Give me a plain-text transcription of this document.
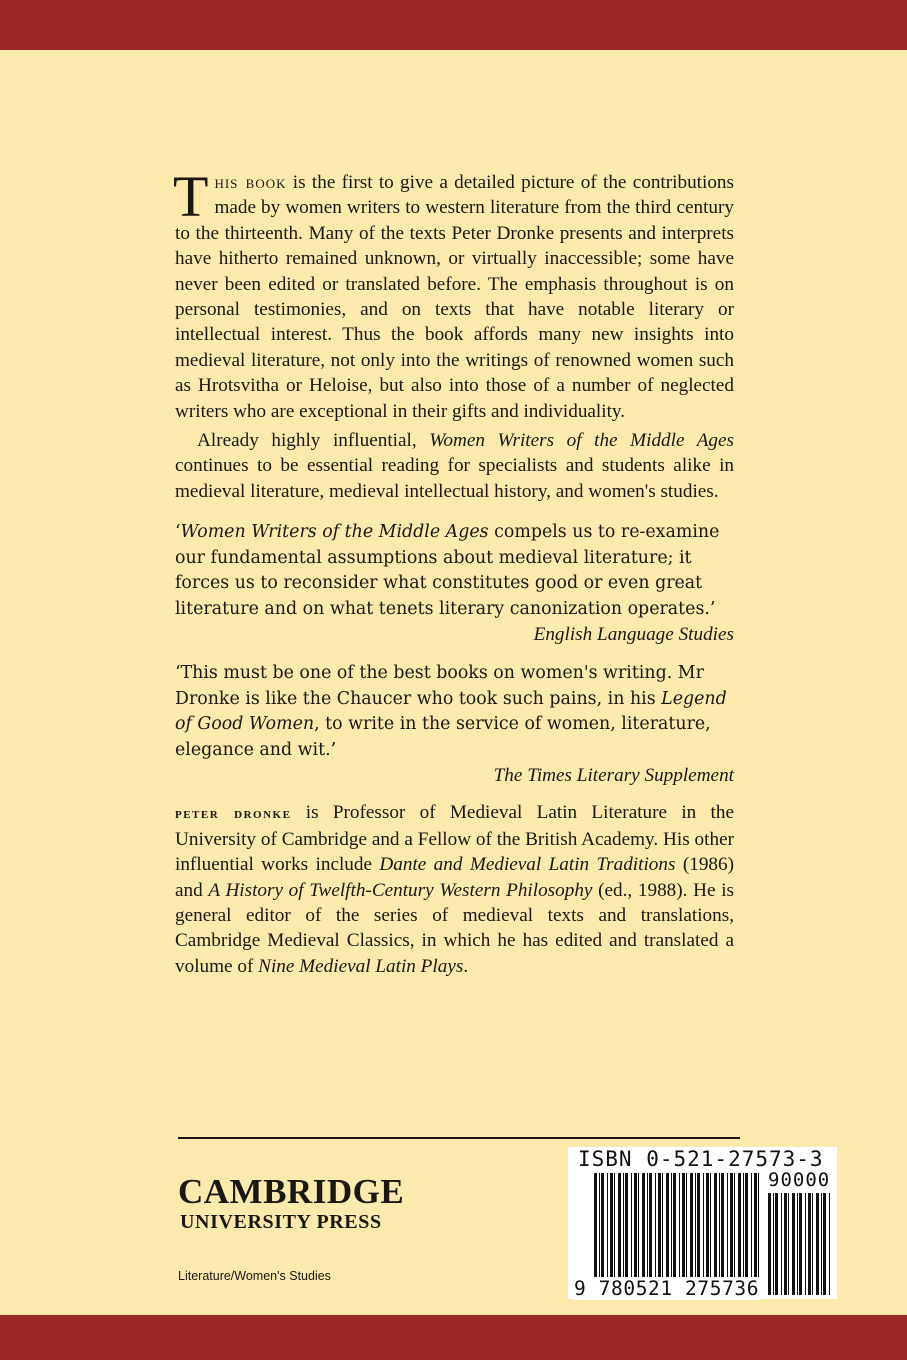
This book is the first to give a detailed picture of the contributions made by women writers to western literature from the third century to the thirteenth. Many of the texts Peter Dronke presents and interprets have hitherto remained unknown, or virtually inaccessible; some have never been edited or translated before. The emphasis throughout is on personal testimonies, and on texts that have notable literary or intellectual interest. Thus the book affords many new insights into medieval literature, not only into the writings of renowned women such as Hrotsvitha or Heloise, but also into those of a number of neglected writers who are exceptional in their gifts and individuality.

Already highly influential, Women Writers of the Middle Ages continues to be essential reading for specialists and students alike in medieval literature, medieval intellectual history, and women's studies.

‘Women Writers of the Middle Ages compels us to re-examine our fundamental assumptions about medieval literature; it forces us to reconsider what constitutes good or even great literature and on what tenets literary canonization operates.’

English Language Studies

‘This must be one of the best books on women's writing. Mr Dronke is like the Chaucer who took such pains, in his Legend of Good Women, to write in the service of women, literature, elegance and wit.’

The Times Literary Supplement

peter dronke is Professor of Medieval Latin Literature in the University of Cambridge and a Fellow of the British Academy. His other influential works include Dante and Medieval Latin Traditions (1986) and A History of Twelfth-Century Western Philosophy (ed., 1988). He is general editor of the series of medieval texts and translations, Cambridge Medieval Classics, in which he has edited and translated a volume of Nine Medieval Latin Plays.

CAMBRIDGE
UNIVERSITY PRESS
Literature/Women's Studies
ISBN 0-521-27573-3
90000
9 780521 275736
